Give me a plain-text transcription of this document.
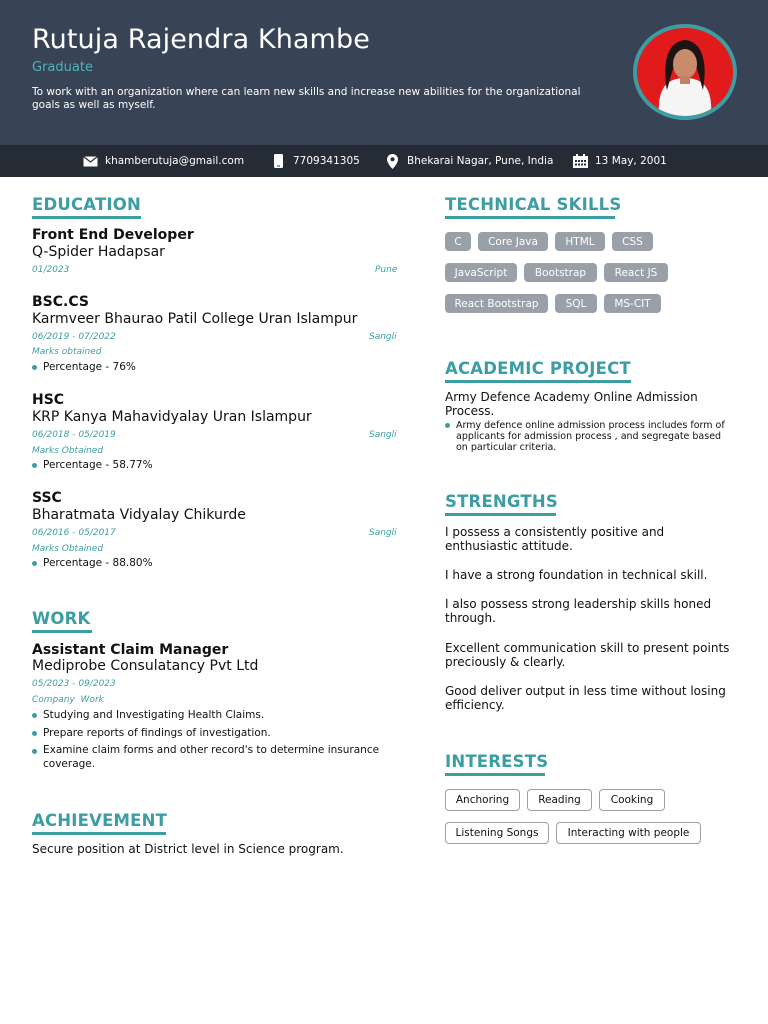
Rutuja Rajendra Khambe
Graduate
To work with an organization where can learn new skills and increase new abilities for the organizational goals as well as myself.
khamberutuja@gmail.com	7709341305	Bhekarai Nagar, Pune, India	13 May, 2001
EDUCATION
Front End Developer
Q-Spider Hadapsar
01/2023	Pune
BSC.CS
Karmveer Bhaurao Patil College Uran Islampur
06/2019 - 07/2022	Sangli
Marks obtained
Percentage - 76%
HSC
KRP Kanya Mahavidyalay Uran Islampur
06/2018 - 05/2019	Sangli
Marks Obtained
Percentage - 58.77%
SSC
Bharatmata Vidyalay Chikurde
06/2016 - 05/2017	Sangli
Marks Obtained
Percentage - 88.80%
WORK
Assistant Claim Manager
Mediprobe Consulatancy Pvt Ltd
05/2023 - 09/2023
Company  Work
Studying and Investigating Health Claims.
Prepare reports of findings of investigation.
Examine claim forms and other record's to determine insurance coverage.
ACHIEVEMENT
Secure position at District level in Science program.
TECHNICAL SKILLS
C	Core Java	HTML	CSS
JavaScript	Bootstrap	React JS
React Bootstrap	SQL	MS-CIT
ACADEMIC PROJECT
Army Defence Academy Online Admission Process.
Army defence online admission process includes form of applicants for admission process , and segregate based on particular criteria.
STRENGTHS
I possess a consistently positive and enthusiastic attitude.
I have a strong foundation in technical skill.
I also possess strong leadership skills honed through.
Excellent communication skill to present points preciously & clearly.
Good deliver output in less time without losing efficiency.
INTERESTS
Anchoring	Reading	Cooking
Listening Songs	Interacting with people
